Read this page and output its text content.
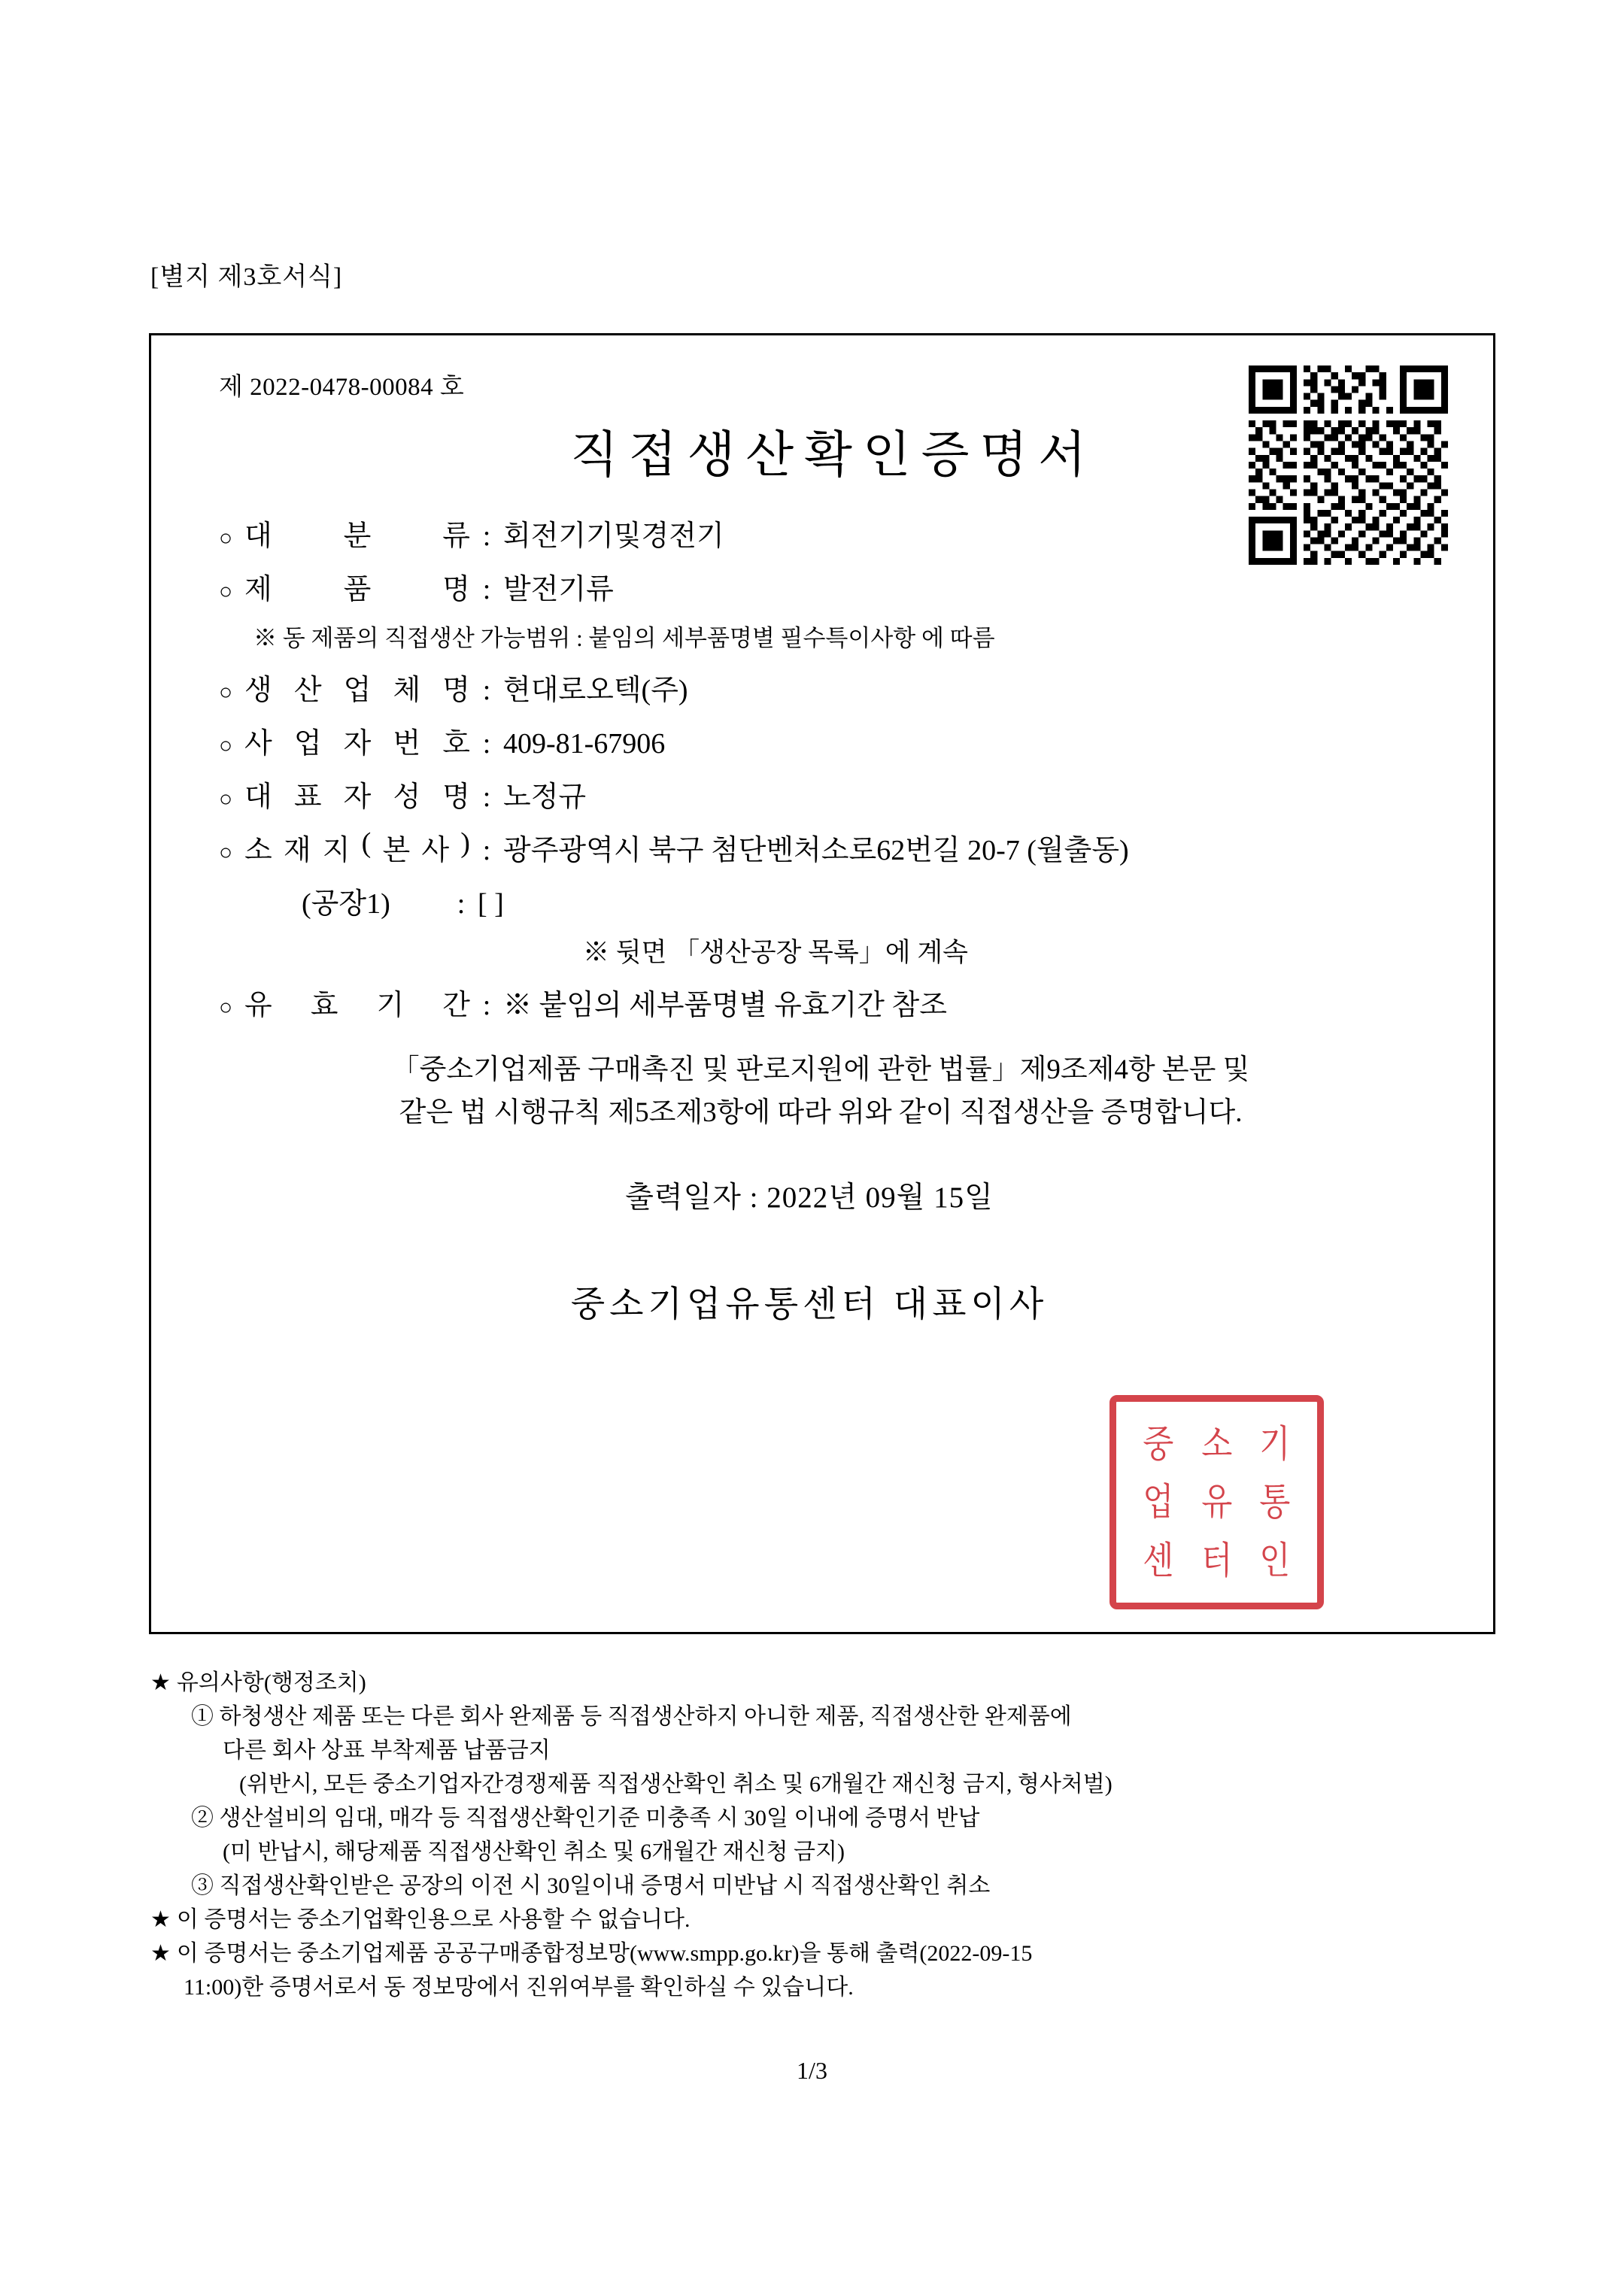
[별지 제3호서식]
제 2022-0478-00084 호
직접생산확인증명서
○ 대 분 류 : 회전기기및경전기
○ 제 품 명 : 발전기류
※ 동 제품의 직접생산 가능범위 : 붙임의 세부품명별 필수특이사항 에 따름
○ 생 산 업 체 명 : 현대로오텍(주)
○ 사 업 자 번 호 : 409-81-67906
○ 대 표 자 성 명 : 노정규
○ 소 재 지 ( 본 사 ) : 광주광역시 북구 첨단벤처소로62번길 20-7 (월출동)
(공장1)	: [ ]
※ 뒷면 「생산공장 목록」에 계속
○ 유 효 기 간 : ※ 붙임의 세부품명별 유효기간 참조
「중소기업제품 구매촉진 및 판로지원에 관한 법률」제9조제4항 본문 및
같은 법 시행규칙 제5조제3항에 따라 위와 같이 직접생산을 증명합니다.
출력일자 : 2022년 09월 15일
중소기업유통센터 대표이사
중 소 기
업 유 통
센 터 인
★ 유의사항(행정조치)
① 하청생산 제품 또는 다른 회사 완제품 등 직접생산하지 아니한 제품, 직접생산한 완제품에
다른 회사 상표 부착제품 납품금지
(위반시, 모든 중소기업자간경쟁제품 직접생산확인 취소 및 6개월간 재신청 금지, 형사처벌)
② 생산설비의 임대, 매각 등 직접생산확인기준 미충족 시 30일 이내에 증명서 반납
(미 반납시, 해당제품 직접생산확인 취소 및 6개월간 재신청 금지)
③ 직접생산확인받은 공장의 이전 시 30일이내 증명서 미반납 시 직접생산확인 취소
★ 이 증명서는 중소기업확인용으로 사용할 수 없습니다.
★ 이 증명서는 중소기업제품 공공구매종합정보망(www.smpp.go.kr)을 통해 출력(2022-09-15
11:00)한 증명서로서 동 정보망에서 진위여부를 확인하실 수 있습니다.
1/3
